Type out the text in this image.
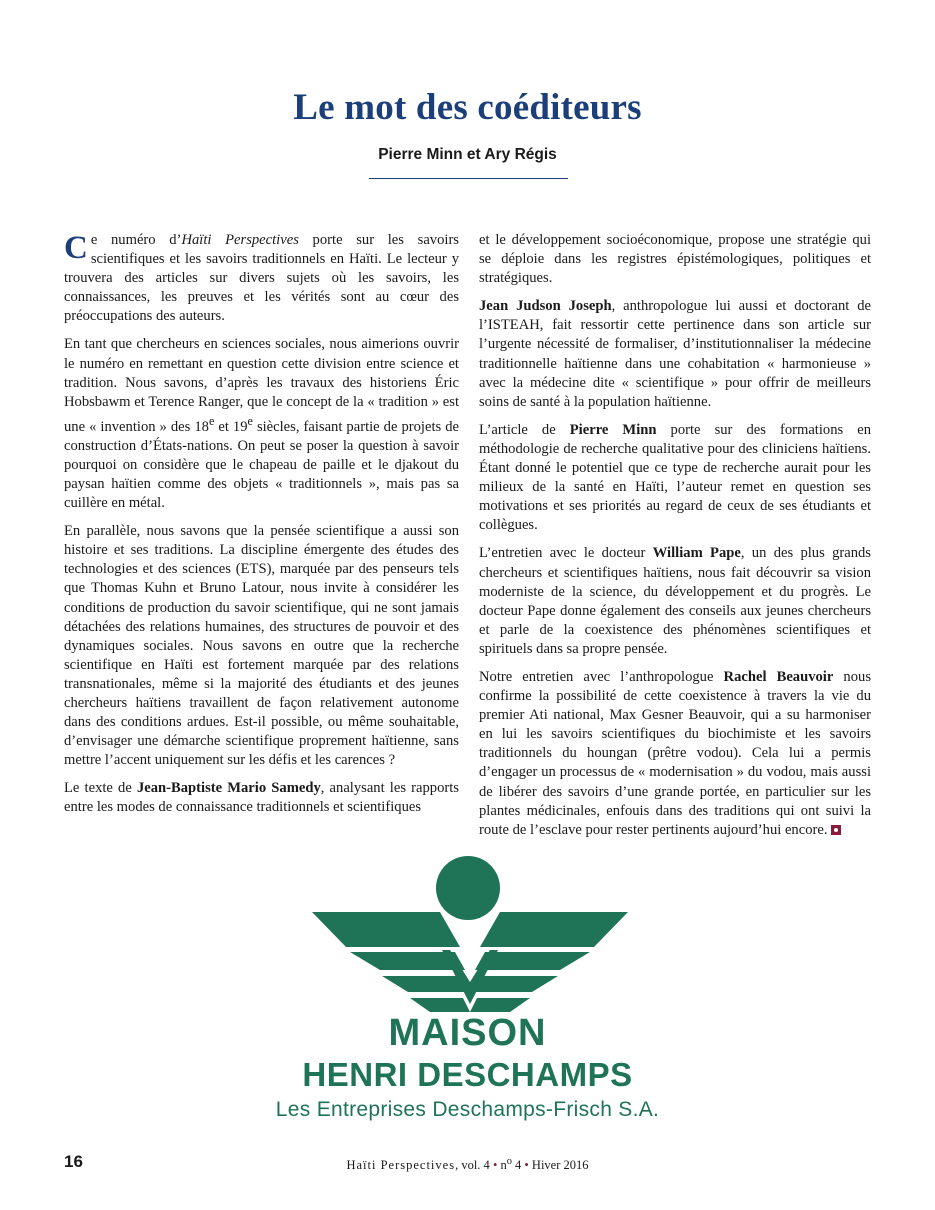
Le mot des coéditeurs
Pierre Minn et Ary Régis

Ce numéro d’Haïti Perspectives porte sur les savoirs scientifiques et les savoirs traditionnels en Haïti. Le lecteur y trouvera des articles sur divers sujets où les savoirs, les connaissances, les preuves et les vérités sont au cœur des préoccupations des auteurs.

En tant que chercheurs en sciences sociales, nous aimerions ouvrir le numéro en remettant en question cette division entre science et tradition. Nous savons, d’après les travaux des historiens Éric Hobsbawm et Terence Ranger, que le concept de la « tradition » est une « invention » des 18e et 19e siècles, faisant partie de projets de construction d’États-nations. On peut se poser la question à savoir pourquoi on considère que le chapeau de paille et le djakout du paysan haïtien comme des objets « traditionnels », mais pas sa cuillère en métal.

En parallèle, nous savons que la pensée scientifique a aussi son histoire et ses traditions. La discipline émergente des études des technologies et des sciences (ETS), marquée par des penseurs tels que Thomas Kuhn et Bruno Latour, nous invite à considérer les conditions de production du savoir scientifique, qui ne sont jamais détachées des relations humaines, des structures de pouvoir et des dynamiques sociales. Nous savons en outre que la recherche scientifique en Haïti est fortement marquée par des relations transnationales, même si la majorité des étudiants et des jeunes chercheurs haïtiens travaillent de façon relativement autonome dans des conditions ardues. Est-il possible, ou même souhaitable, d’envisager une démarche scientifique proprement haïtienne, sans mettre l’accent uniquement sur les défis et les carences ?

Le texte de Jean-Baptiste Mario Samedy, analysant les rapports entre les modes de connaissance traditionnels et scientifiques

et le développement socioéconomique, propose une stratégie qui se déploie dans les registres épistémologiques, politiques et stratégiques.

Jean Judson Joseph, anthropologue lui aussi et doctorant de l’ISTEAH, fait ressortir cette pertinence dans son article sur l’urgente nécessité de formaliser, d’institutionnaliser la médecine traditionnelle haïtienne dans une cohabitation « harmonieuse » avec la médecine dite « scientifique » pour offrir de meilleurs soins de santé à la population haïtienne.

L’article de Pierre Minn porte sur des formations en méthodologie de recherche qualitative pour des cliniciens haïtiens. Étant donné le potentiel que ce type de recherche aurait pour les milieux de la santé en Haïti, l’auteur remet en question ses motivations et ses priorités au regard de ceux de ses étudiants et collègues.

L’entretien avec le docteur William Pape, un des plus grands chercheurs et scientifiques haïtiens, nous fait découvrir sa vision moderniste de la science, du développement et du progrès. Le docteur Pape donne également des conseils aux jeunes chercheurs et parle de la coexistence des phénomènes scientifiques et spirituels dans sa propre pensée.

Notre entretien avec l’anthropologue Rachel Beauvoir nous confirme la possibilité de cette coexistence à travers la vie du premier Ati national, Max Gesner Beauvoir, qui a su harmoniser en lui les savoirs scientifiques du biochimiste et les savoirs traditionnels du houngan (prêtre vodou). Cela lui a permis d’engager un processus de « modernisation » du vodou, mais aussi de libérer des savoirs d’une grande portée, en particulier sur les plantes médicinales, enfouis dans des traditions qui ont suivi la route de l’esclave pour rester pertinents aujourd’hui encore.

MAISON
HENRI DESCHAMPS
Les Entreprises Deschamps-Frisch S.A.
16	Haïti Perspectives, vol. 4 • $n^o$ 4 • Hiver 2016
